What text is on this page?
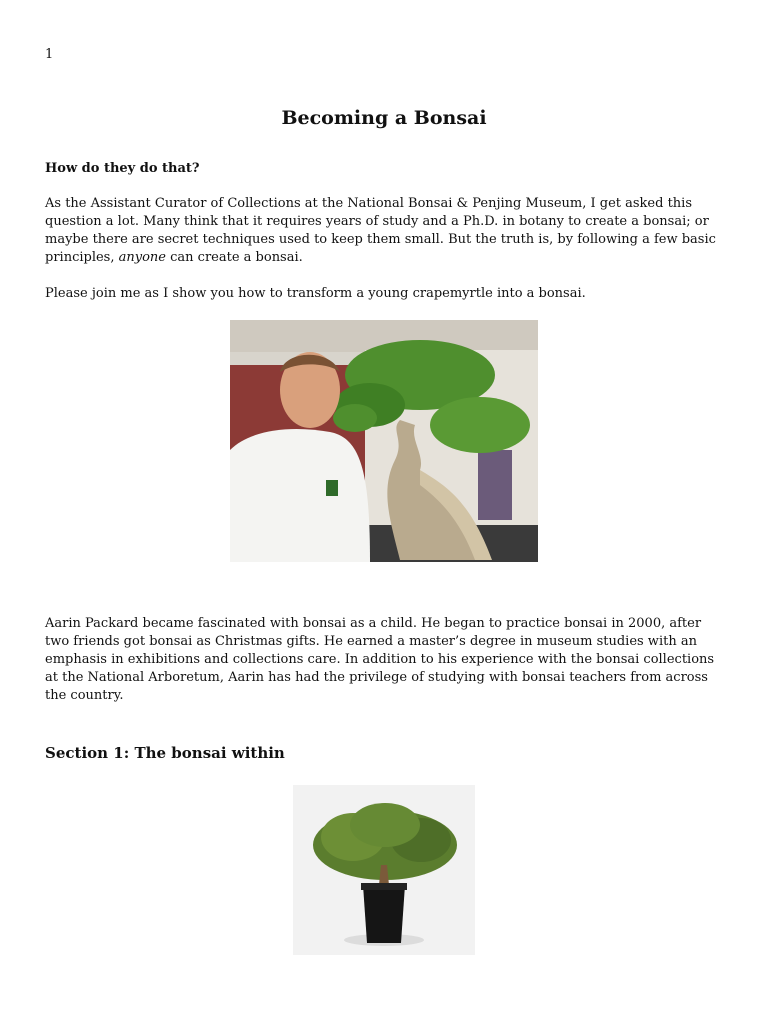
1
Becoming a Bonsai

How do they do that?

As the Assistant Curator of Collections at the National Bonsai & Penjing Museum, I get asked this question a lot. Many think that it requires years of study and a Ph.D. in botany to create a bonsai; or maybe there are secret techniques used to keep them small. But the truth is, by following a few basic principles, anyone can create a bonsai.

Please join me as I show you how to transform a young crapemyrtle into a bonsai.

Aarin Packard became fascinated with bonsai as a child. He began to practice bonsai in 2000, after two friends got bonsai as Christmas gifts. He earned a master’s degree in museum studies with an emphasis in exhibitions and collections care. In addition to his experience with the bonsai collections at the National Arboretum, Aarin has had the privilege of studying with bonsai teachers from across the country.

Section 1: The bonsai within
